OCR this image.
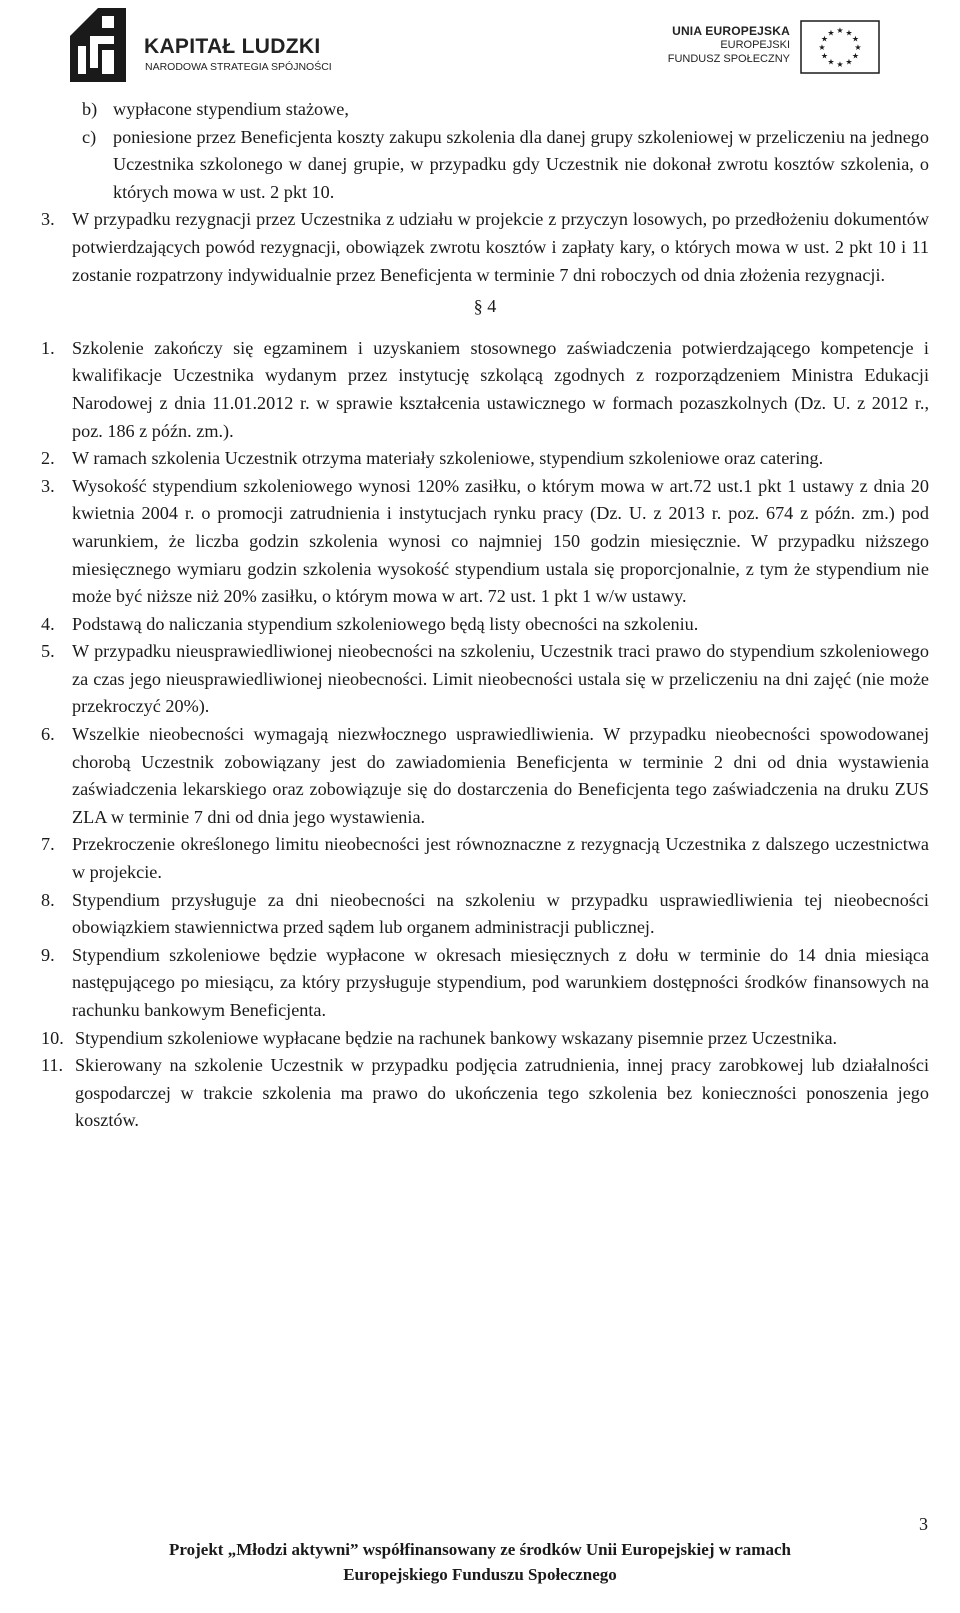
KAPITAŁ LUDZKI
NARODOWA STRATEGIA SPÓJNOŚCI
UNIA EUROPEJSKA
EUROPEJSKI
FUNDUSZ SPOŁECZNY
★ ★
★
★
★
★
★
★
★
★
★
★
b) wypłacone stypendium stażowe,
c) poniesione przez Beneficjenta koszty zakupu szkolenia dla danej grupy szkoleniowej w przeliczeniu na jednego Uczestnika szkolonego w danej grupie, w przypadku gdy Uczestnik nie dokonał zwrotu kosztów szkolenia, o których mowa w ust. 2 pkt 10.
3. W przypadku rezygnacji przez Uczestnika z udziału w projekcie z przyczyn losowych, po przedłożeniu dokumentów potwierdzających powód rezygnacji, obowiązek zwrotu kosztów i zapłaty kary, o których mowa w ust. 2 pkt 10 i 11 zostanie rozpatrzony indywidualnie przez Beneficjenta w terminie 7 dni roboczych od dnia złożenia rezygnacji.
§ 4
1. Szkolenie zakończy się egzaminem i uzyskaniem stosownego zaświadczenia potwierdzającego kompetencje i kwalifikacje Uczestnika wydanym przez instytucję szkolącą zgodnych z rozporządzeniem Ministra Edukacji Narodowej z dnia 11.01.2012 r. w sprawie kształcenia ustawicznego w formach pozaszkolnych (Dz. U. z 2012 r., poz. 186 z późn. zm.).
2. W ramach szkolenia Uczestnik otrzyma materiały szkoleniowe, stypendium szkoleniowe oraz catering.
3. Wysokość stypendium szkoleniowego wynosi 120% zasiłku, o którym mowa w art.72 ust.1 pkt 1 ustawy z dnia 20 kwietnia 2004 r. o promocji zatrudnienia i instytucjach rynku pracy (Dz. U. z 2013 r. poz. 674 z późn. zm.) pod warunkiem, że liczba godzin szkolenia wynosi co najmniej 150 godzin miesięcznie. W przypadku niższego miesięcznego wymiaru godzin szkolenia wysokość stypendium ustala się proporcjonalnie, z tym że stypendium nie może być niższe niż 20% zasiłku, o którym mowa w art. 72 ust. 1 pkt 1 w/w ustawy.
4. Podstawą do naliczania stypendium szkoleniowego będą listy obecności na szkoleniu.
5. W przypadku nieusprawiedliwionej nieobecności na szkoleniu, Uczestnik traci prawo do stypendium szkoleniowego za czas jego nieusprawiedliwionej nieobecności. Limit nieobecności ustala się w przeliczeniu na dni zajęć (nie może przekroczyć 20%).
6. Wszelkie nieobecności wymagają niezwłocznego usprawiedliwienia. W przypadku nieobecności spowodowanej chorobą Uczestnik zobowiązany jest do zawiadomienia Beneficjenta w terminie 2 dni od dnia wystawienia zaświadczenia lekarskiego oraz zobowiązuje się do dostarczenia do Beneficjenta tego zaświadczenia na druku ZUS ZLA w terminie 7 dni od dnia jego wystawienia.
7. Przekroczenie określonego limitu nieobecności jest równoznaczne z rezygnacją Uczestnika z dalszego uczestnictwa w projekcie.
8. Stypendium przysługuje za dni nieobecności na szkoleniu w przypadku usprawiedliwienia tej nieobecności obowiązkiem stawiennictwa przed sądem lub organem administracji publicznej.
9. Stypendium szkoleniowe będzie wypłacone w okresach miesięcznych z dołu w terminie do 14 dnia miesiąca następującego po miesiącu, za który przysługuje stypendium, pod warunkiem dostępności środków finansowych na rachunku bankowym Beneficjenta.
10. Stypendium szkoleniowe wypłacane będzie na rachunek bankowy wskazany pisemnie przez Uczestnika.
11. Skierowany na szkolenie Uczestnik w przypadku podjęcia zatrudnienia, innej pracy zarobkowej lub działalności gospodarczej w trakcie szkolenia ma prawo do ukończenia tego szkolenia bez konieczności ponoszenia jego kosztów.
3
Projekt „Młodzi aktywni” współfinansowany ze środków Unii Europejskiej w ramach
Europejskiego Funduszu Społecznego
